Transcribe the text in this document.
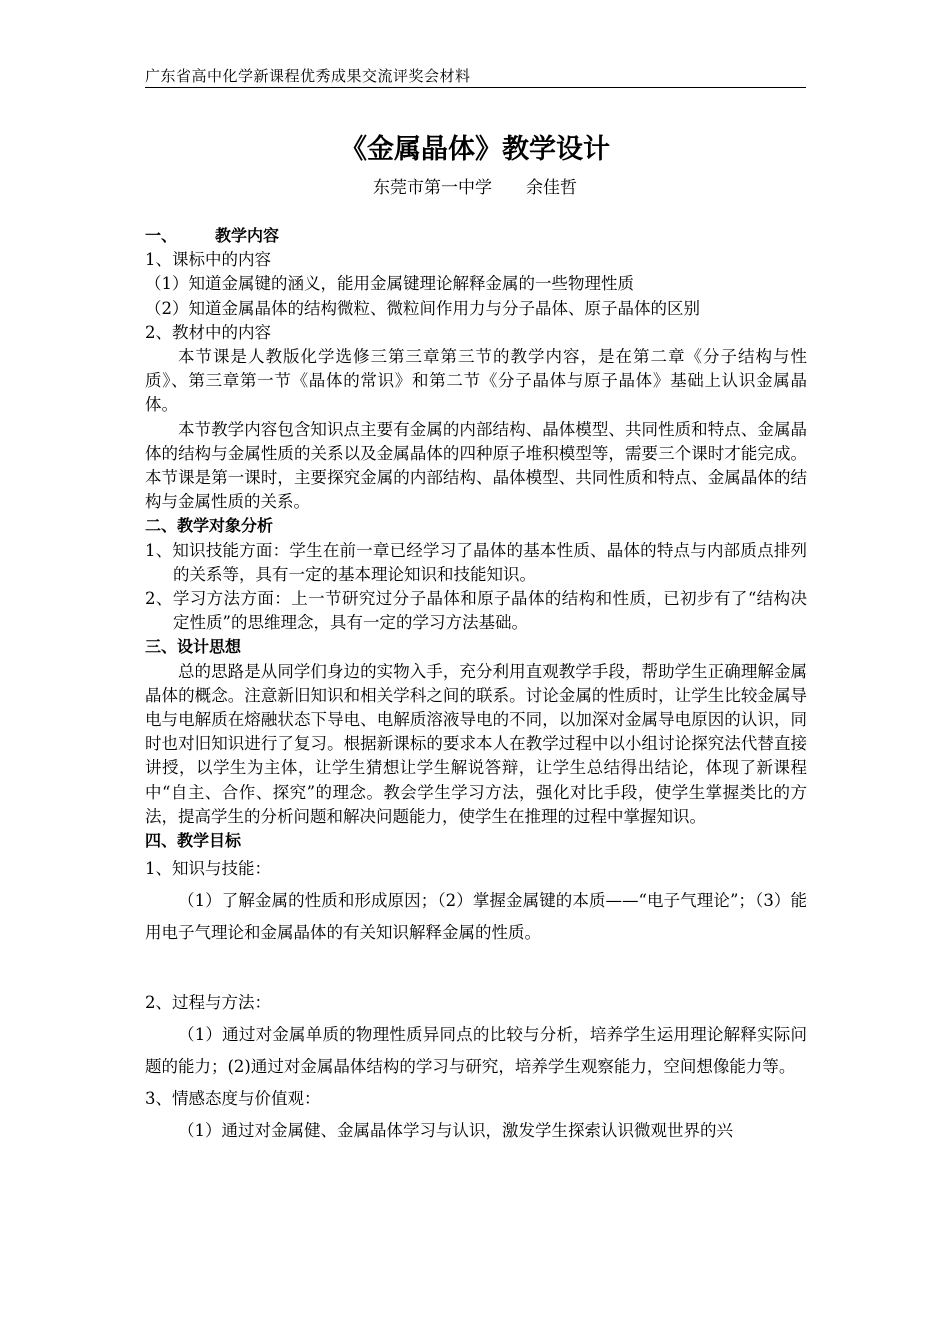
广东省高中化学新课程优秀成果交流评奖会材料
《金属晶体》教学设计
东莞市第一中学 余佳哲

一、 教学内容

1、课标中的内容

（1）知道金属键的涵义，能用金属键理论解释金属的一些物理性质

（2）知道金属晶体的结构微粒、微粒间作用力与分子晶体、原子晶体的区别

2、教材中的内容

本节课是人教版化学选修三第三章第三节的教学内容，是在第二章《分子结构与性质》、第三章第一节《晶体的常识》和第二节《分子晶体与原子晶体》基础上认识金属晶体。

本节教学内容包含知识点主要有金属的内部结构、晶体模型、共同性质和特点、金属晶体的结构与金属性质的关系以及金属晶体的四种原子堆积模型等，需要三个课时才能完成。本节课是第一课时，主要探究金属的内部结构、晶体模型、共同性质和特点、金属晶体的结构与金属性质的关系。

二、教学对象分析

1、知识技能方面：学生在前一章已经学习了晶体的基本性质、晶体的特点与内部质点排列的关系等，具有一定的基本理论知识和技能知识。

2、学习方法方面：上一节研究过分子晶体和原子晶体的结构和性质，已初步有了“结构决定性质”的思维理念，具有一定的学习方法基础。

三、设计思想

总的思路是从同学们身边的实物入手，充分利用直观教学手段，帮助学生正确理解金属晶体的概念。注意新旧知识和相关学科之间的联系。讨论金属的性质时，让学生比较金属导电与电解质在熔融状态下导电、电解质溶液导电的不同，以加深对金属导电原因的认识，同时也对旧知识进行了复习。根据新课标的要求本人在教学过程中以小组讨论探究法代替直接讲授，以学生为主体，让学生猜想让学生解说答辩，让学生总结得出结论，体现了新课程中“自主、合作、探究”的理念。教会学生学习方法，强化对比手段，使学生掌握类比的方法，提高学生的分析问题和解决问题能力，使学生在推理的过程中掌握知识。

四、教学目标

1、知识与技能：

（1）了解金属的性质和形成原因；（2）掌握金属键的本质——“电子气理论”；（3）能用电子气理论和金属晶体的有关知识解释金属的性质。

2、过程与方法：

（1）通过对金属单质的物理性质异同点的比较与分析，培养学生运用理论解释实际问题的能力；(2)通过对金属晶体结构的学习与研究，培养学生观察能力，空间想像能力等。

3、情感态度与价值观：

（1）通过对金属健、金属晶体学习与认识，激发学生探索认识微观世界的兴
